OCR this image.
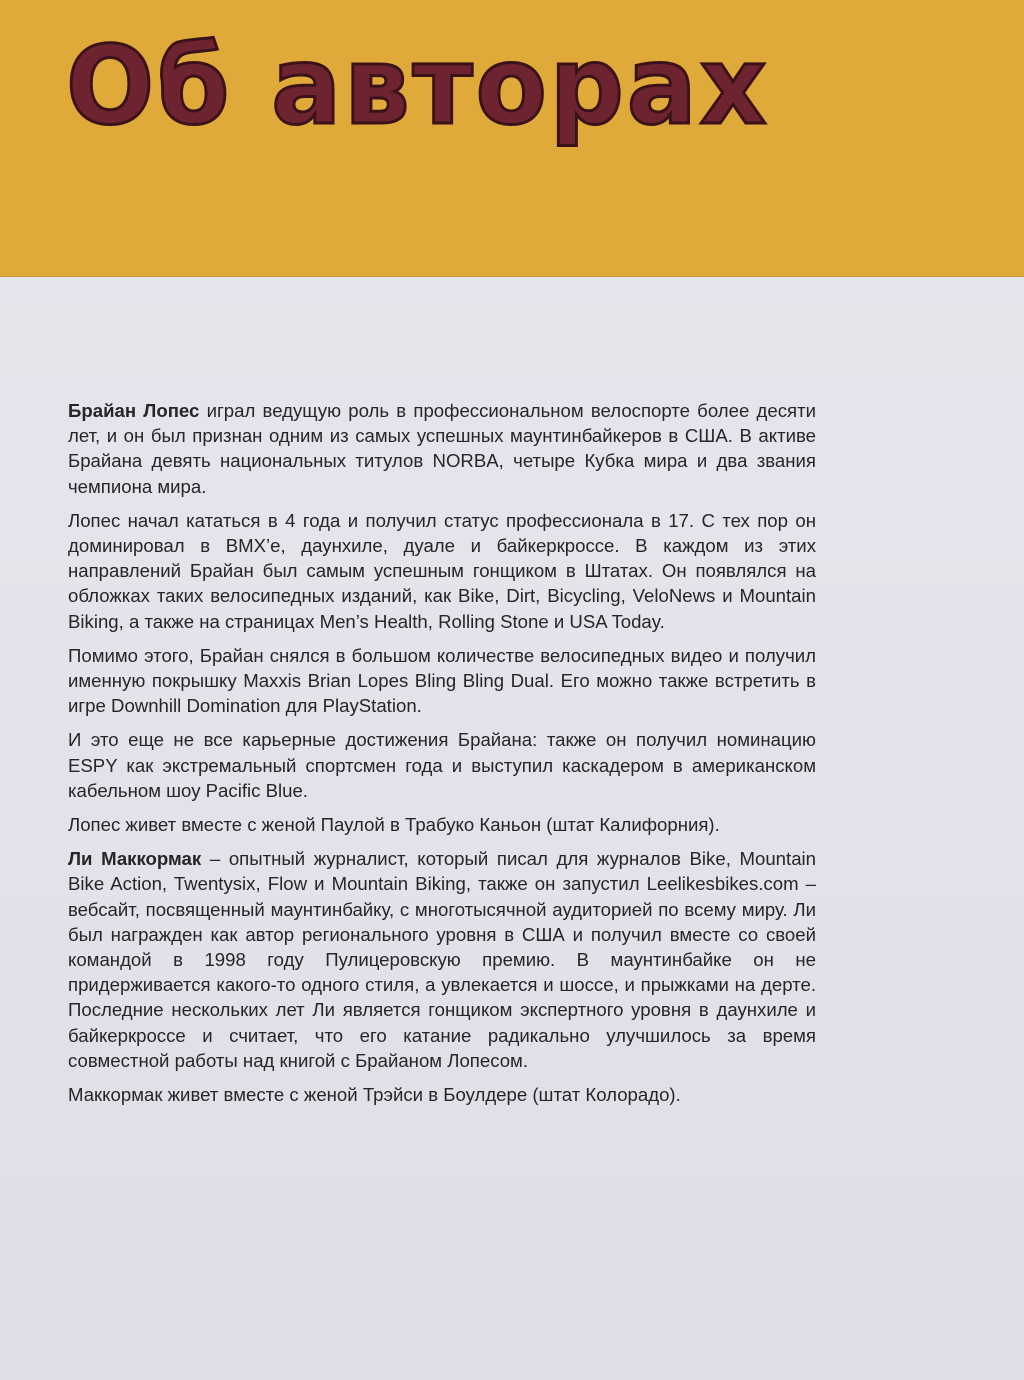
Об авторах

Брайан Лопес играл ведущую роль в профессиональном велоспорте более десяти лет, и он был признан одним из самых успешных маунтинбайкеров в США. В активе Брайана девять национальных титулов NORBA, четыре Кубка мира и два звания чемпиона мира.

Лопес начал кататься в 4 года и получил статус профессионала в 17. С тех пор он доминировал в BMX’е, даунхиле, дуале и байкеркроссе. В каждом из этих направлений Брайан был самым успешным гонщиком в Штатах. Он появлялся на обложках таких велосипедных изданий, как Bike, Dirt, Bicycling, VeloNews и Mountain Biking, а также на страницах Men’s Health, Rolling Stone и USA Today.

Помимо этого, Брайан снялся в большом количестве велосипедных видео и получил именную покрышку Maxxis Brian Lopes Bling Bling Dual. Его можно также встретить в игре Downhill Domination для PlayStation.

И это еще не все карьерные достижения Брайана: также он получил номинацию ESPY как экстремальный спортсмен года и выступил каскадером в американском кабельном шоу Pacific Blue.

Лопес живет вместе с женой Паулой в Трабуко Каньон (штат Калифорния).

Ли Маккормак – опытный журналист, который писал для журналов Bike, Mountain Bike Action, Twentysix, Flow и Mountain Biking, также он запустил Leelikesbikes.com – вебсайт, посвященный маунтинбайку, с многотысячной аудиторией по всему миру. Ли был награжден как автор регионального уровня в США и получил вместе со своей командой в 1998 году Пулицеровскую премию. В маунтинбайке он не придерживается какого-то одного стиля, а увлекается и шоссе, и прыжками на дерте. Последние нескольких лет Ли является гонщиком экспертного уровня в даунхиле и байкеркроссе и считает, что его катание радикально улучшилось за время совместной работы над книгой с Брайаном Лопесом.

Маккормак живет вместе с женой Трэйси в Боулдере (штат Колорадо).
